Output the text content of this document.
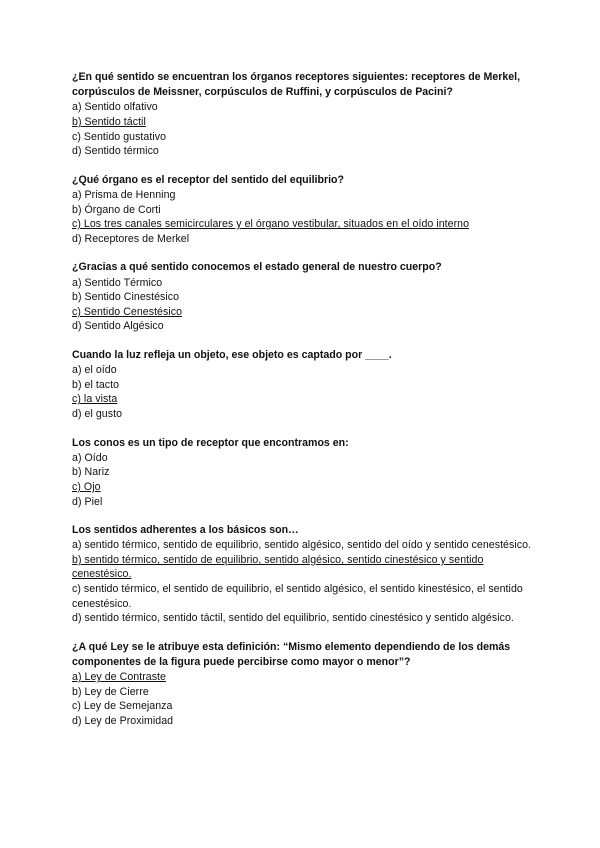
¿En qué sentido se encuentran los órganos receptores siguientes: receptores de Merkel, corpúsculos de Meissner, corpúsculos de Ruffini, y corpúsculos de Pacini?

a) Sentido olfativo

b) Sentido táctil

c) Sentido gustativo

d) Sentido térmico

¿Qué órgano es el receptor del sentido del equilibrio?

a) Prisma de Henning

b) Órgano de Corti

c) Los tres canales semicirculares y el órgano vestibular, situados en el oído interno

d) Receptores de Merkel

¿Gracias a qué sentido conocemos el estado general de nuestro cuerpo?

a) Sentido Térmico

b) Sentido Cinestésico

c) Sentido Cenestésico

d) Sentido Algésico

Cuando la luz refleja un objeto, ese objeto es captado por ____.

a) el oído

b) el tacto

c) la vista

d) el gusto

Los conos es un tipo de receptor que encontramos en:

a) Oído

b) Nariz

c) Ojo

d) Piel

Los sentidos adherentes a los básicos son…

a) sentido térmico, sentido de equilibrio, sentido algésico, sentido del oído y sentido cenestésico.

b) sentido térmico, sentido de equilibrio, sentido algésico, sentido cinestésico y sentido cenestésico.

c) sentido térmico, el sentido de equilibrio, el sentido algésico, el sentido kinestésico, el sentido cenestésico.

d) sentido térmico, sentido táctil, sentido del equilibrio, sentido cinestésico y sentido algésico.

¿A qué Ley se le atribuye esta definición: “Mismo elemento dependiendo de los demás componentes de la figura puede percibirse como mayor o menor”?

a) Ley de Contraste

b) Ley de Cierre

c) Ley de Semejanza

d) Ley de Proximidad
